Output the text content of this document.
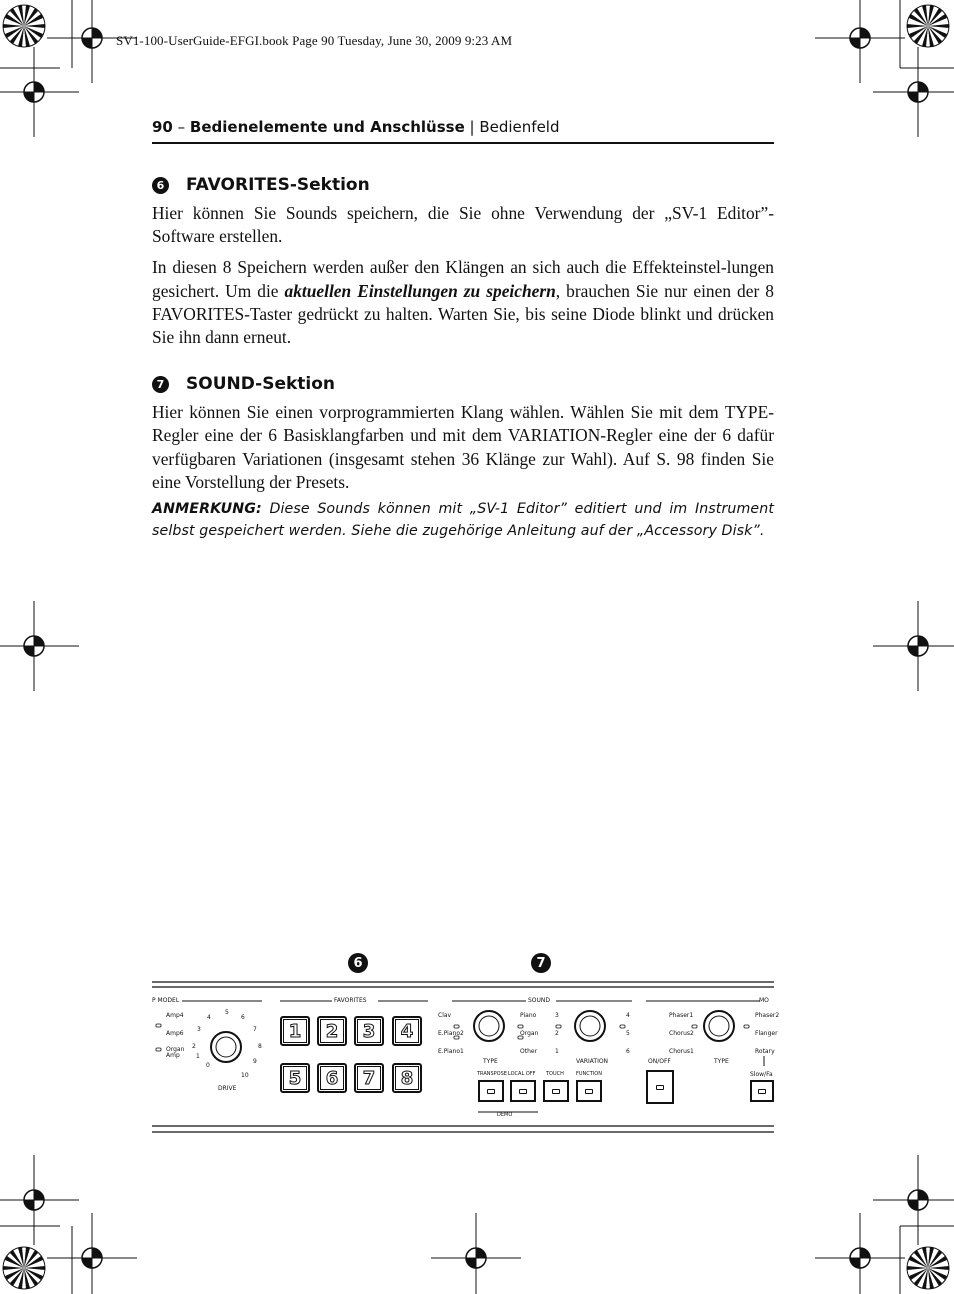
SV1-100-UserGuide-EFGI.book Page 90 Tuesday, June 30, 2009 9:23 AM
90 – Bedienelemente und Anschlüsse | Bedienfeld
6 FAVORITES-Sektion

Hier können Sie Sounds speichern, die Sie ohne Verwendung der „SV-1 Editor”-Software erstellen.

In diesen 8 Speichern werden außer den Klängen an sich auch die Effekteinstel-lungen gesichert. Um die aktuellen Einstellungen zu speichern, brauchen Sie nur einen der 8 FAVORITES-Taster gedrückt zu halten. Warten Sie, bis seine Diode blinkt und drücken Sie ihn dann erneut.

7 SOUND-Sektion

Hier können Sie einen vorprogrammierten Klang wählen. Wählen Sie mit dem TYPE-Regler eine der 6 Basisklangfarben und mit dem VARIATION-Regler eine der 6 dafür verfügbaren Variationen (insgesamt stehen 36 Klänge zur Wahl). Auf S. 98 finden Sie eine Vorstellung der Presets.

ANMERKUNG: Diese Sounds können mit „SV-1 Editor” editiert und im Instrument selbst gespeichert werden. Siehe die zugehörige Anleitung auf der „Accessory Disk”.

6	7
P MODEL
Amp4
Amp6
Organ Amp
0
1
2
3
4
5
6
7
8
9
10
DRIVE
FAVORITES
1	2	3	4
5	6	7	8
SOUND
Clav
E.Piano2
E.Piano1
Piano
Organ
Other
TYPE
1
2
3	4
5
6
VARIATION
TRANSPOSE LOCAL OFF TOUCH FUNCTION
DEMO
MO
Phaser1
Chorus2
Chorus1
Phaser2
Flanger
Rotary
ON/OFF	TYPE
Slow/Fa
